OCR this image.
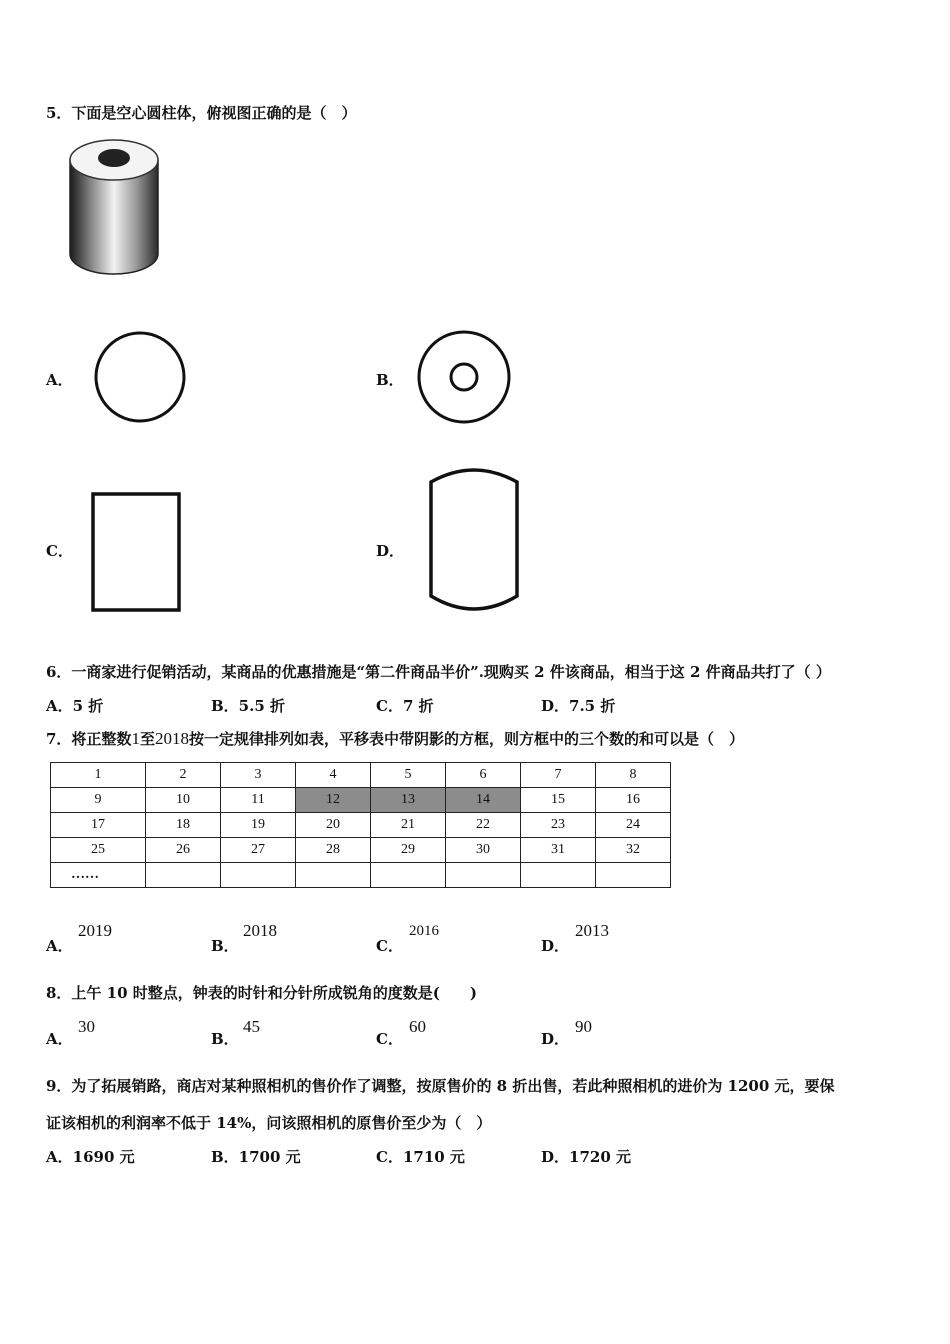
5．下面是空心圆柱体，俯视图正确的是（　）
A．	B．
C．	D．
6．一商家进行促销活动，某商品的优惠措施是“第二件商品半价”.现购买 2 件该商品，相当于这 2 件商品共打了（ ）
A．5 折	B．5.5 折	C．7 折	D．7.5 折
7．将正整数1至2018按一定规律排列如表，平移表中带阴影的方框，则方框中的三个数的和可以是（　）
1	2	3	4	5	6	7	8
9	10	11	12	13	14	15	16
17	18	19	20	21	22	23	24
25	26	27	28	29	30	31	32
……							
A．
2019
B．
2018
C．
2016
D．
2013
8．上午 10 时整点，钟表的时针和分针所成锐角的度数是(　　)
A．
30
B．
45
C．
60
D．
90
9．为了拓展销路，商店对某种照相机的售价作了调整，按原售价的 8 折出售，若此种照相机的进价为 1200 元，要保
证该相机的利润率不低于 14%，问该照相机的原售价至少为（　）
A．1690 元	B．1700 元	C．1710 元	D．1720 元
